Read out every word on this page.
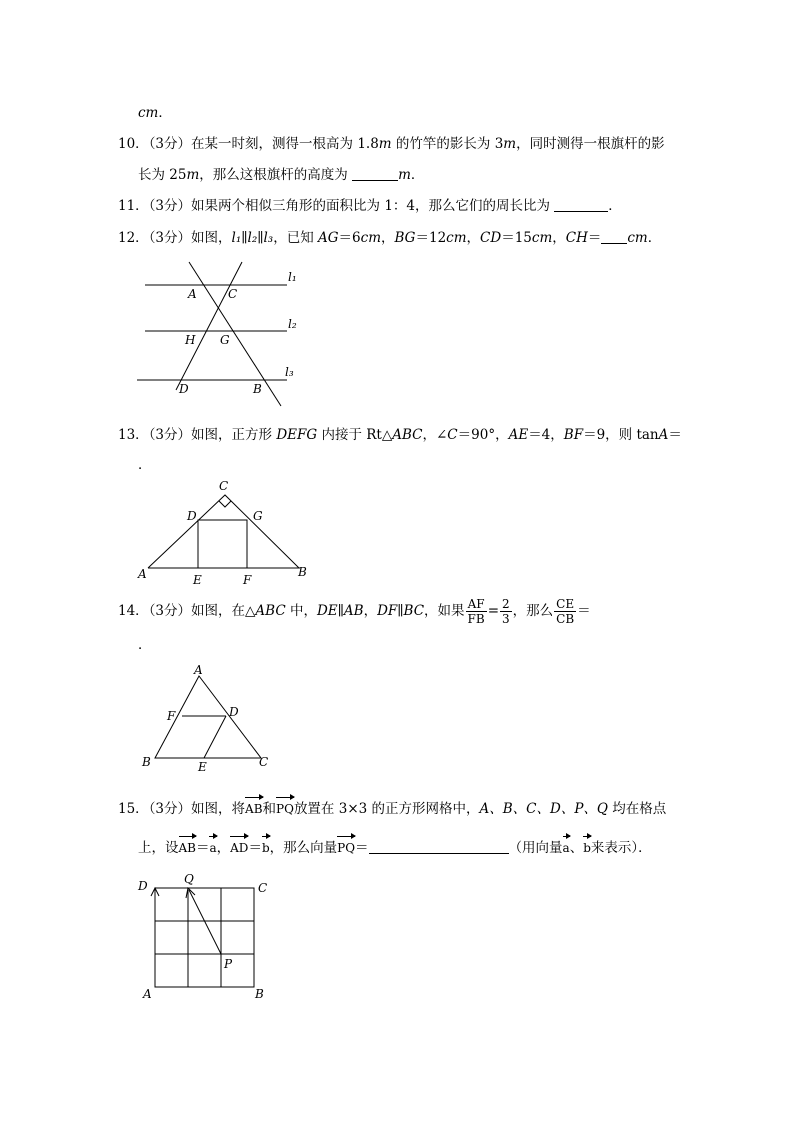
cm．
10．（3分）在某一时刻，测得一根高为 1.8m 的竹竿的影长为 3m，同时测得一根旗杆的影
长为 25m，那么这根旗杆的高度为	m．
11．（3分）如果两个相似三角形的面积比为 1：4，那么它们的周长比为	．
12．（3分）如图，l₁∥l₂∥l₃，已知 AG＝6cm，BG＝12cm，CD＝15cm，CH＝ cm．
l₁
l₂
l₃
A	C
H G
D	B
13．（3分）如图，正方形 DEFG 内接于 Rt△ABC，∠C＝90°，AE＝4，BF＝9，则 tanA＝
．
C
D	G
A	E	F
B
14．（3分）如图，在△ABC 中，DE∥AB，DF∥BC，如果 $\frac{AF}{FB} = \frac{2}{3}$ ，那么 $\frac{CE}{CB}$ ＝
．
A
F	D
B	E	C
15．（3分）如图，将AB和PQ放置在 3×3 的正方形网格中，A、B、C、D、P、Q 均在格点
上，设AB＝a，AD＝b，那么向量PQ＝	（用向量a、b来表示）．
D	Q
C
P
A	B
